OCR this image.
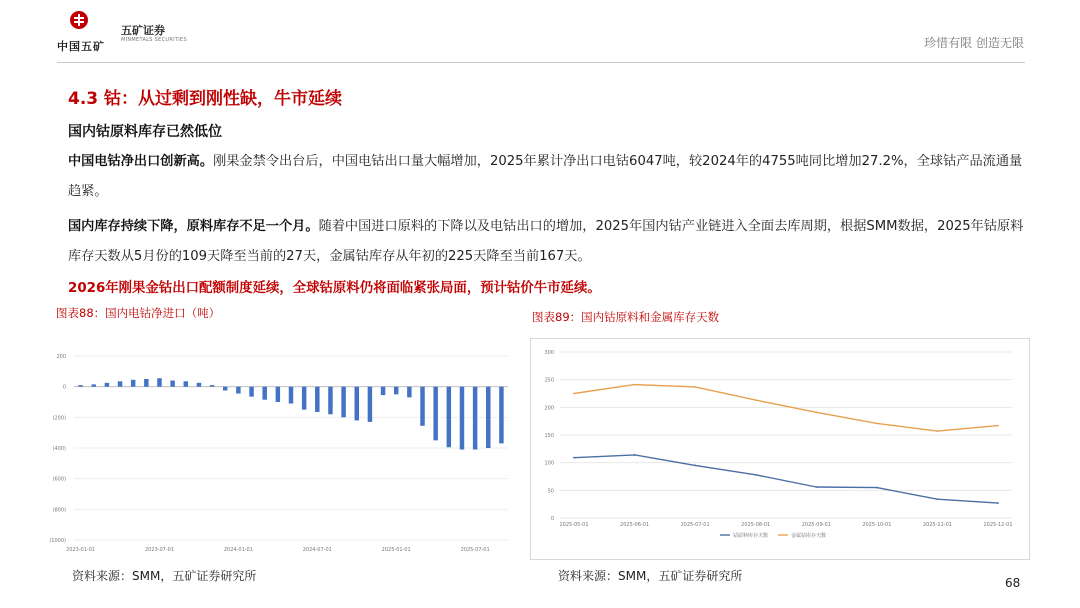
中国五矿
五矿证券
MINMETALS SECURITIES	珍惜有限 创造无限
4.3 钴：从过剩到刚性缺，牛市延续
国内钴原料库存已然低位
中国电钴净出口创新高。刚果金禁令出台后，中国电钴出口量大幅增加，2025年累计净出口电钴6047吨，较2024年的4755吨同比增加27.2%，全球钴产品流通量趋紧。
国内库存持续下降，原料库存不足一个月。随着中国进口原料的下降以及电钴出口的增加，2025年国内钴产业链进入全面去库周期，根据SMM数据，2025年钴原料库存天数从5月份的109天降至当前的27天，金属钴库存从年初的225天降至当前167天。
2026年刚果金钴出口配额制度延续，全球钴原料仍将面临紧张局面，预计钴价牛市延续。
图表88：国内电钴净进口（吨）	图表89：国内钴原料和金属库存天数
200
0
(200)
(400)
(600)
(800)
(1000)
2023-01-01	2023-07-01	2024-01-01	2024-07-01	2025-01-01	2025-07-01
0
50
100
150
200
250
300
2025-05-01	2025-06-01	2025-07-01	2025-08-01	2025-09-01	2025-10-01	2025-11-01	2025-12-01
钴原料库存天数	金属钴库存天数
资料来源：SMM，五矿证券研究所	资料来源：SMM，五矿证券研究所	68
